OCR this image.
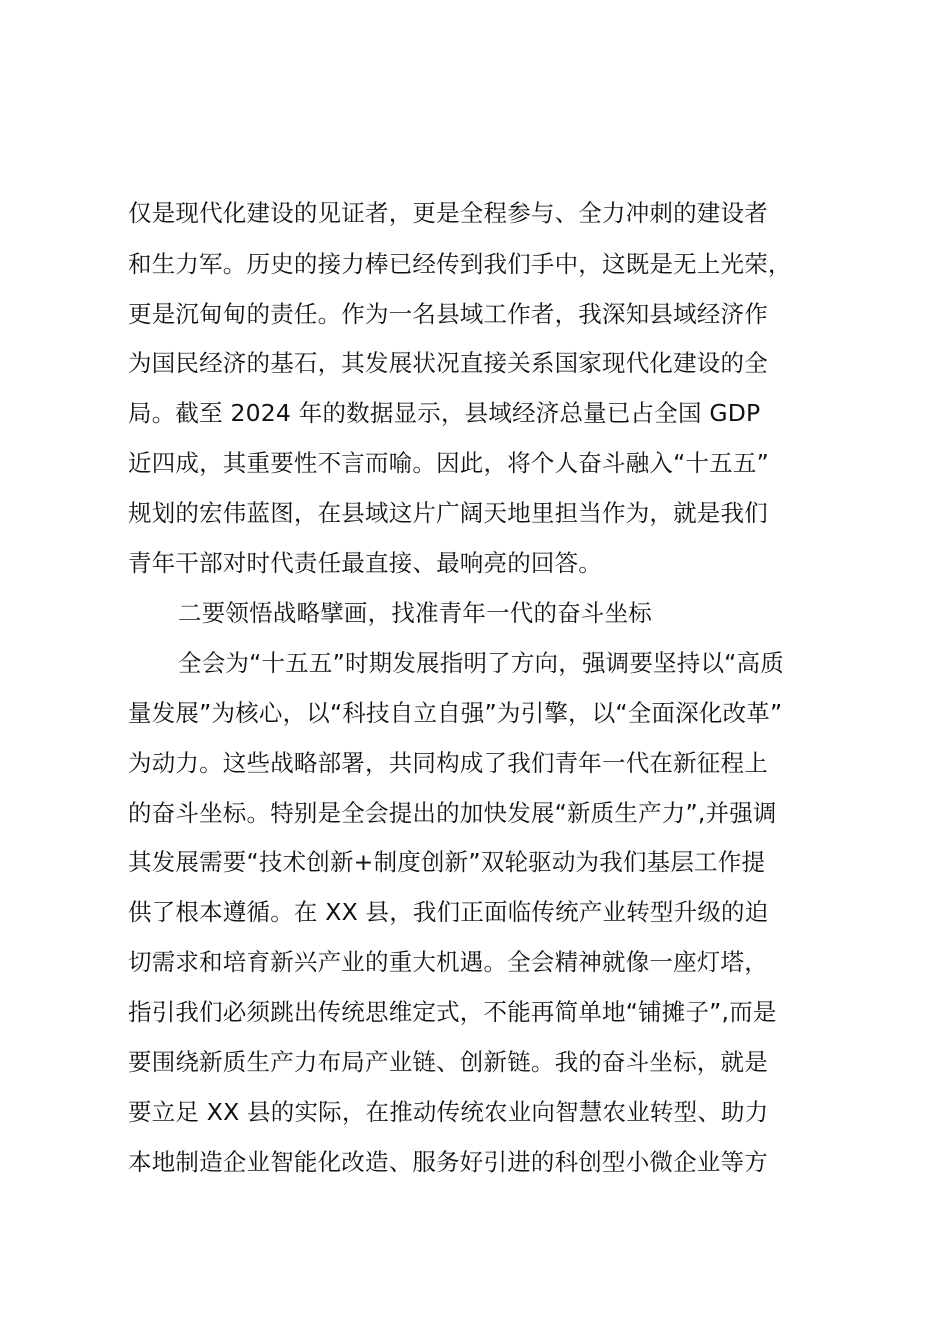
仅是现代化建设的见证者，更是全程参与、全力冲刺的建设者
和生力军。历史的接力棒已经传到我们手中，这既是无上光荣，
更是沉甸甸的责任。作为一名县域工作者，我深知县域经济作
为国民经济的基石，其发展状况直接关系国家现代化建设的全
局。截至 2024 年的数据显示，县域经济总量已占全国 GDP
近四成，其重要性不言而喻。因此，将个人奋斗融入“十五五”
规划的宏伟蓝图，在县域这片广阔天地里担当作为，就是我们
青年干部对时代责任最直接、最响亮的回答。
二要领悟战略擘画，找准青年一代的奋斗坐标
全会为“十五五”时期发展指明了方向，强调要坚持以“高质
量发展”为核心，以“科技自立自强”为引擎，以“全面深化改革”
为动力。这些战略部署，共同构成了我们青年一代在新征程上
的奋斗坐标。特别是全会提出的加快发展“新质生产力”,并强调
其发展需要“技术创新+制度创新”双轮驱动为我们基层工作提
供了根本遵循。在 XX 县，我们正面临传统产业转型升级的迫
切需求和培育新兴产业的重大机遇。全会精神就像一座灯塔，
指引我们必须跳出传统思维定式，不能再简单地“铺摊子”,而是
要围绕新质生产力布局产业链、创新链。我的奋斗坐标，就是
要立足 XX 县的实际，在推动传统农业向智慧农业转型、助力
本地制造企业智能化改造、服务好引进的科创型小微企业等方
